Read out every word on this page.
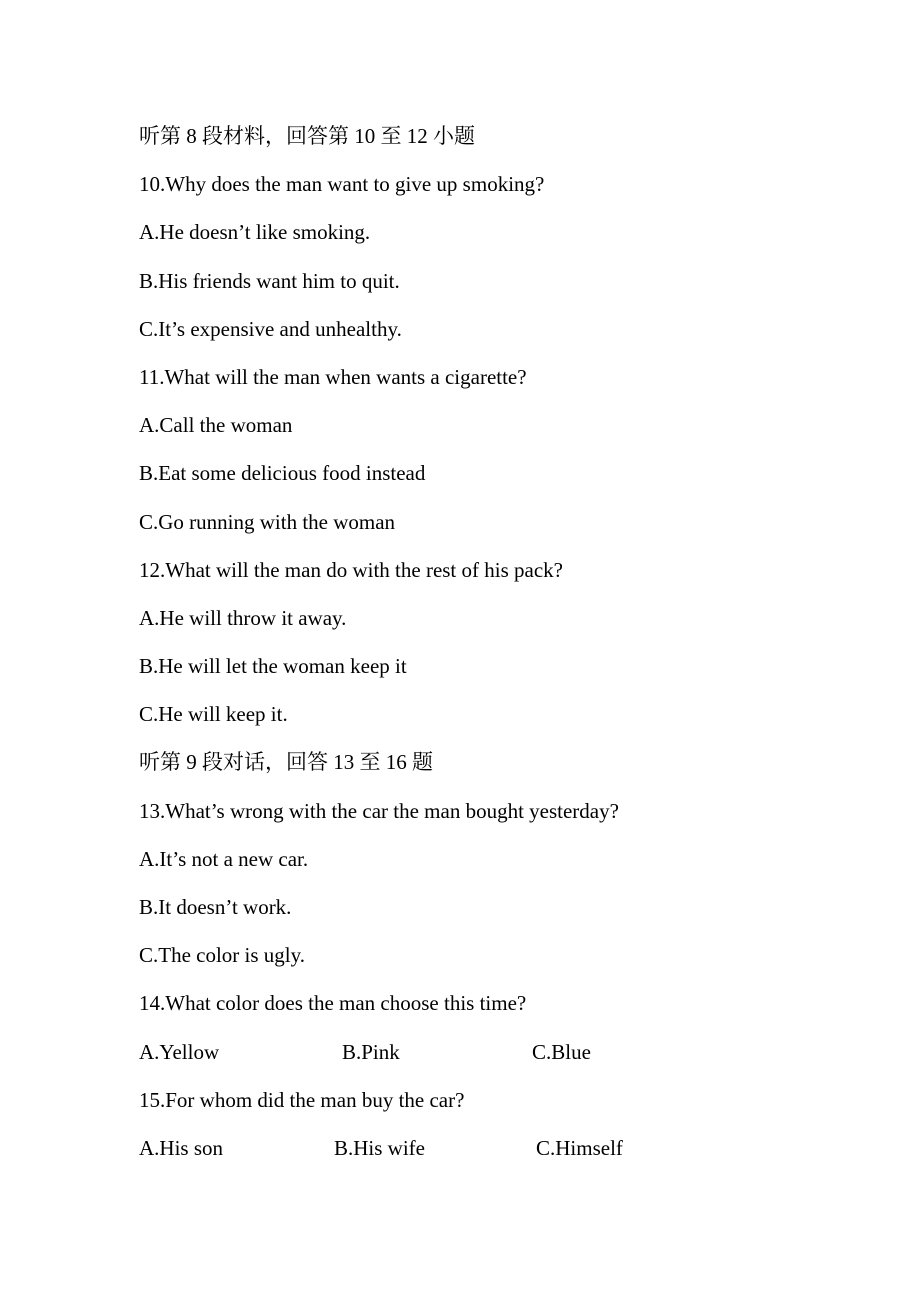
听第 8 段材料，回答第 10 至 12 小题
10.Why does the man want to give up smoking?
A.He doesn’t like smoking.
B.His friends want him to quit.
C.It’s expensive and unhealthy.
11.What will the man when wants a cigarette?
A.Call the woman
B.Eat some delicious food instead
C.Go running with the woman
12.What will the man do with the rest of his pack?
A.He will throw it away.
B.He will let the woman keep it
C.He will keep it.
听第 9 段对话，回答 13 至 16 题
13.What’s wrong with the car the man bought yesterday?
A.It’s not a new car.
B.It doesn’t work.
C.The color is ugly.
14.What color does the man choose this time?
A.Yellow	B.Pink	C.Blue
15.For whom did the man buy the car?
A.His son	B.His wife	C.Himself
